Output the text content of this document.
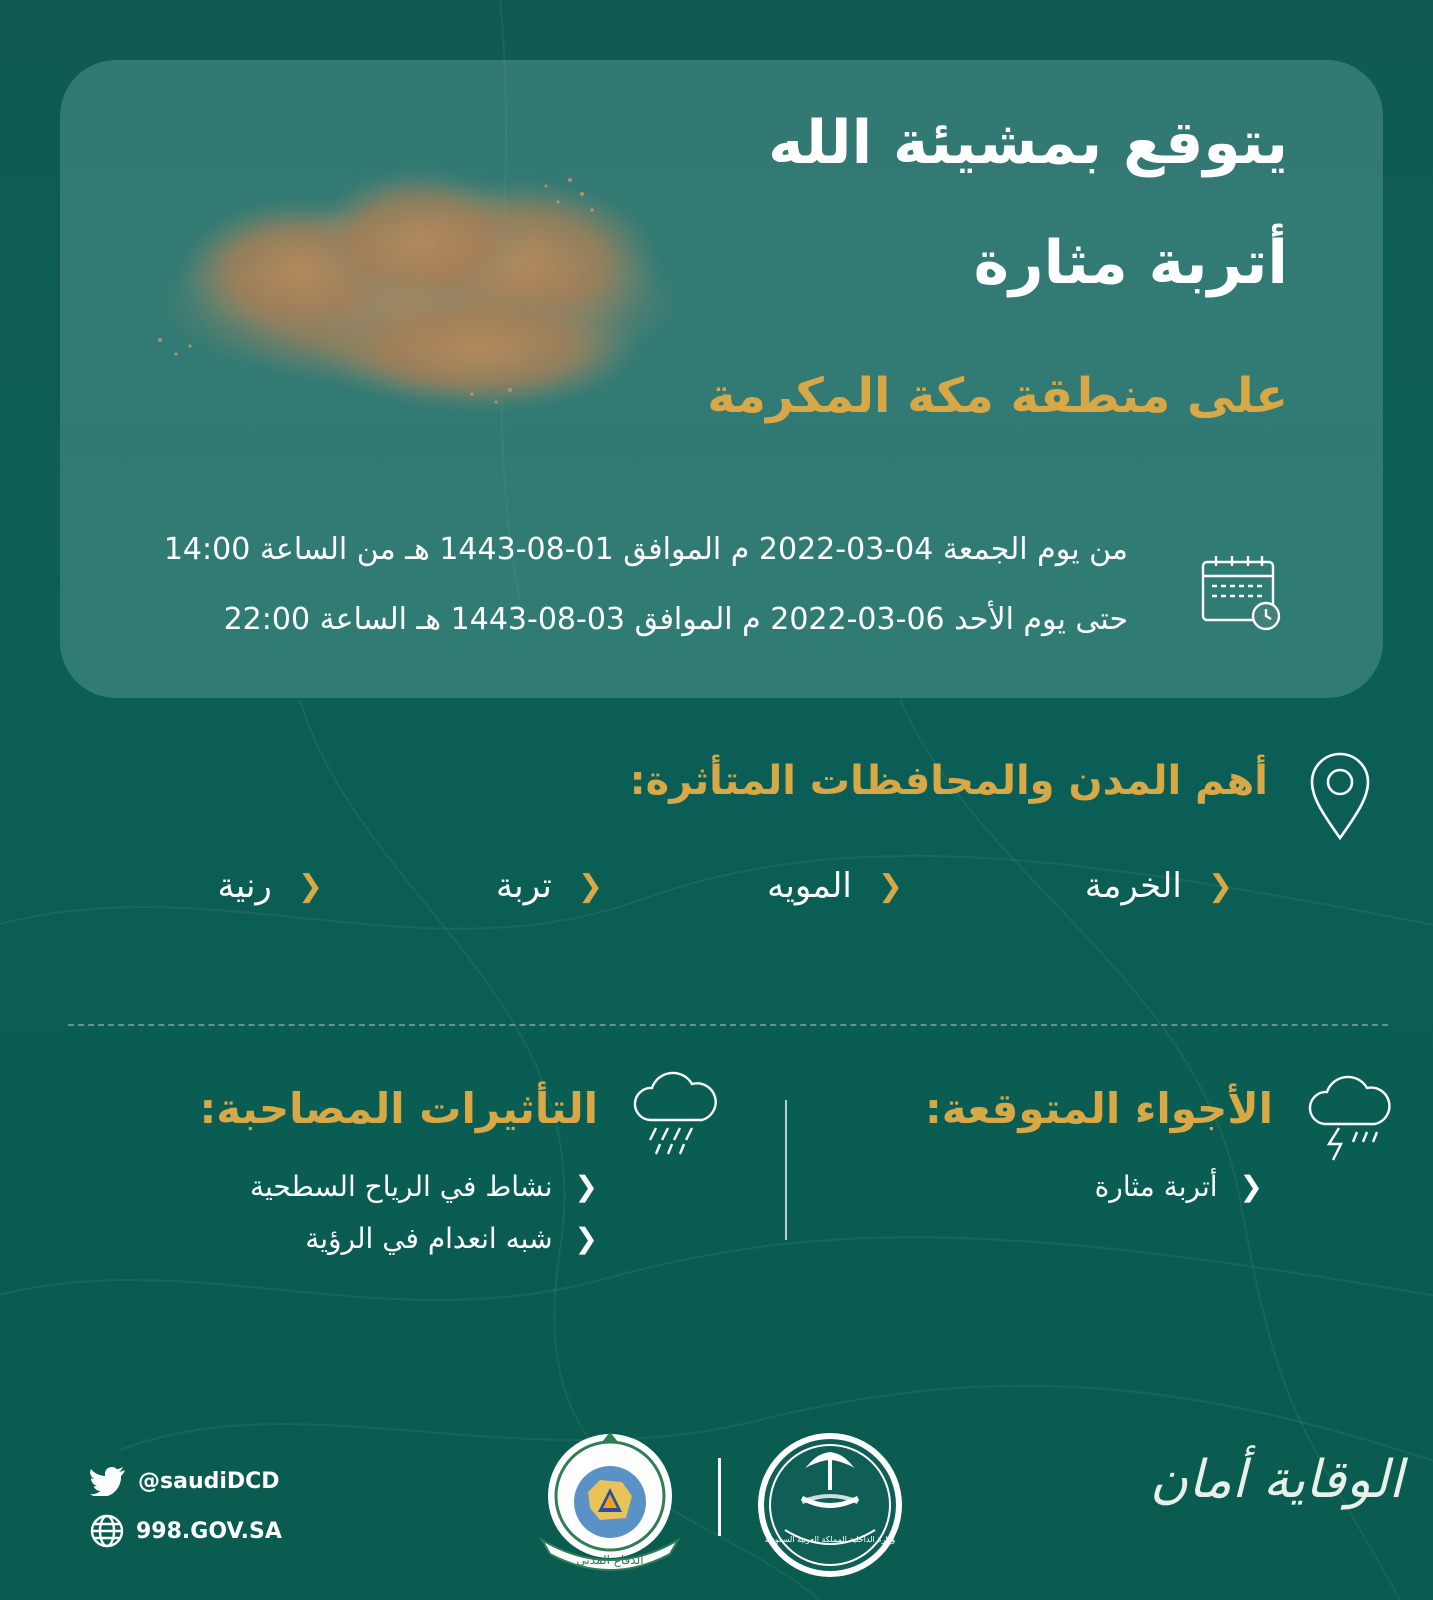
يتوقع بمشيئة الله
أتربة مثارة
على منطقة مكة المكرمة
من يوم الجمعة 04-03-2022 م الموافق 01-08-1443 هـ من الساعة 14:00
حتى يوم الأحد 06-03-2022 م الموافق 03-08-1443 هـ الساعة 22:00
أهم المدن والمحافظات المتأثرة:
❮
الخرمة
❮
المويه
❮
تربة
❮
رنية
الأجواء المتوقعة:
❮
أتربة مثارة
التأثيرات المصاحبة:
❮
نشاط في الرياح السطحية
❮
شبه انعدام في الرؤية
@saudiDCD
998.GOV.SA
الدفاع المدني
وزارة الداخلية المملكة العربية السعودية
الوقاية أمان
